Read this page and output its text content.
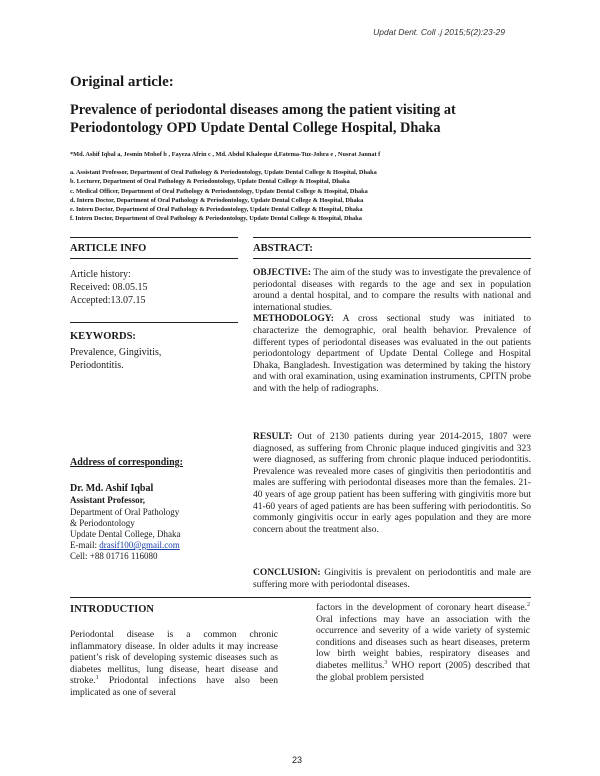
Updat Dent. Coll .j 2015;5(2):23-29
Original article:
Prevalence of periodontal diseases among the patient visiting at Periodontology OPD Update Dental College Hospital, Dhaka
*Md. Ashif Iqbal a, Jesmin Mohof b , Fayeza Afrin c , Md. Abdul Khaleque d,Fatema-Tuz-Johra e , Nusrat Jannat f
a. Assistant Professor, Department of Oral Pathology & Periodontology, Update Dental College & Hospital, Dhaka
b. Lecturer, Department of Oral Pathology & Periodontology, Update Dental College & Hospital, Dhaka
c. Medical Officer, Department of Oral Pathology & Periodontology, Update Dental College & Hospital, Dhaka
d. Intern Doctor, Department of Oral Pathology & Periodontology, Update Dental College & Hospital, Dhaka
e. Intern Doctor, Department of Oral Pathology & Periodontology, Update Dental College & Hospital, Dhaka
f. Intern Doctor, Department of Oral Pathology & Periodontology, Update Dental College & Hospital, Dhaka
ARTICLE INFO
Article history:
Received: 08.05.15
Accepted:13.07.15
KEYWORDS:
Prevalence, Gingivitis,
Periodontitis.
Address of corresponding:
Dr. Md. Ashif Iqbal
Assistant Professor,
Department of Oral Pathology
& Periodontology
Update Dental College, Dhaka
E-mail: drasif100@gmail.com
Cell: +88 01716 116080
ABSTRACT:
OBJECTIVE: The aim of the study was to investigate the prevalence of periodontal diseases with regards to the age and sex in population around a dental hospital, and to compare the results with national and international studies.
METHODOLOGY: A cross sectional study was initiated to characterize the demographic, oral health behavior. Prevalence of different types of periodontal diseases was evaluated in the out patients periodontology department of Update Dental College and Hospital Dhaka, Bangladesh. Investigation was determined by taking the history and with oral examination, using examination instruments, CPITN probe and with the help of radiographs.
RESULT: Out of 2130 patients during year 2014-2015, 1807 were diagnosed, as suffering from Chronic plaque induced gingivitis and 323 were diagnosed, as suffering from chronic plaque induced periodontitis. Prevalence was revealed more cases of gingivitis then periodontitis and males are suffering with periodontal diseases more than the females. 21-40 years of age group patient has been suffering with gingivitis more but 41-60 years of aged patients are has been suffering with periodontitis. So commonly gingivitis occur in early ages population and they are more concern about the treatment also.
CONCLUSION: Gingivitis is prevalent on periodontitis and male are suffering more with periodontal diseases.
INTRODUCTION
Periodontal disease is a common chronic inflammatory disease. In older adults it may increase patient’s risk of developing systemic diseases such as diabetes mellitus, lung disease, heart disease and stroke.$^1$ Priodontal infections have also been implicated as one of several
factors in the development of coronary heart disease.$^2$ Oral infections may have an association with the occurrence and severity of a wide variety of systemic conditions and diseases such as heart diseases, preterm low birth weight babies, respiratory diseases and diabetes mellitus.$^3$ WHO report (2005) described that the global problem persisted
23
